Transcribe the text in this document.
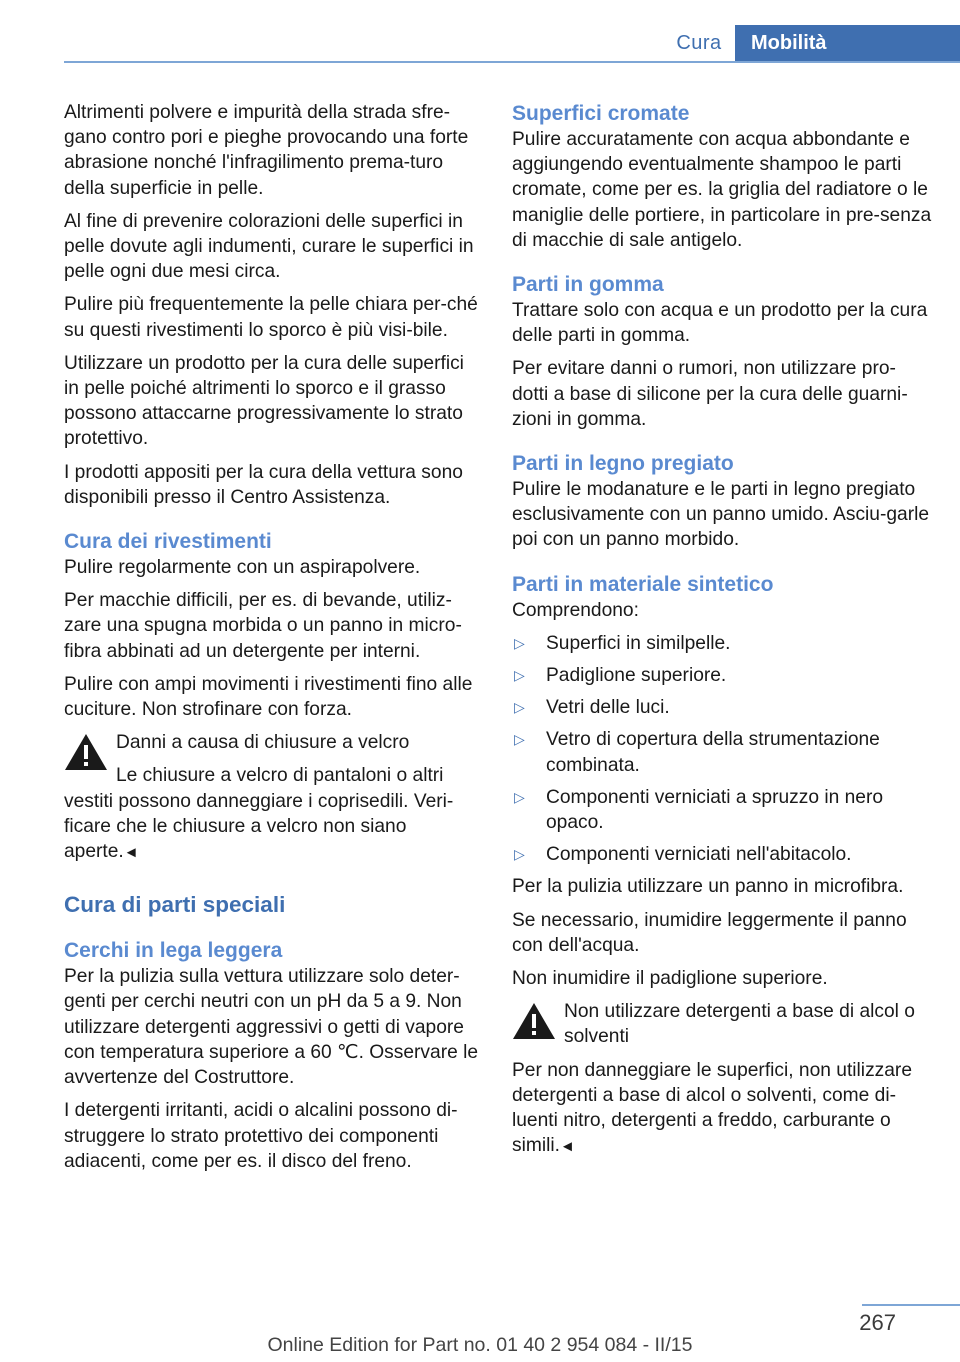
Cura	Mobilità

Altrimenti polvere e impurità della strada sfre-gano contro pori e pieghe provocando una forte abrasione nonché l'infragilimento prema-turo della superficie in pelle.

Al fine di prevenire colorazioni delle superfici in pelle dovute agli indumenti, curare le superfici in pelle ogni due mesi circa.

Pulire più frequentemente la pelle chiara per-ché su questi rivestimenti lo sporco è più visi-bile.

Utilizzare un prodotto per la cura delle superfici in pelle poiché altrimenti lo sporco e il grasso possono attaccarne progressivamente lo strato protettivo.

I prodotti appositi per la cura della vettura sono disponibili presso il Centro Assistenza.

Cura dei rivestimenti

Pulire regolarmente con un aspirapolvere.

Per macchie difficili, per es. di bevande, utiliz-zare una spugna morbida o un panno in micro-fibra abbinati ad un detergente per interni.

Pulire con ampi movimenti i rivestimenti fino alle cuciture. Non strofinare con forza.

Danni a causa di chiusure a velcro

Le chiusure a velcro di pantaloni o altri

vestiti possono danneggiare i coprisedili. Veri-ficare che le chiusure a velcro non siano aperte.◄

Cura di parti speciali
Cerchi in lega leggera

Per la pulizia sulla vettura utilizzare solo deter-genti per cerchi neutri con un pH da 5 a 9. Non utilizzare detergenti aggressivi o getti di vapore con temperatura superiore a 60 ℃. Osservare le avvertenze del Costruttore.

I detergenti irritanti, acidi o alcalini possono di-struggere lo strato protettivo dei componenti adiacenti, come per es. il disco del freno.

Superfici cromate

Pulire accuratamente con acqua abbondante e aggiungendo eventualmente shampoo le parti cromate, come per es. la griglia del radiatore o le maniglie delle portiere, in particolare in pre-senza di macchie di sale antigelo.

Parti in gomma

Trattare solo con acqua e un prodotto per la cura delle parti in gomma.

Per evitare danni o rumori, non utilizzare pro-dotti a base di silicone per la cura delle guarni-zioni in gomma.

Parti in legno pregiato

Pulire le modanature e le parti in legno pregiato esclusivamente con un panno umido. Asciu-garle poi con un panno morbido.

Parti in materiale sintetico

Comprendono:

▷ Superfici in similpelle.
▷ Padiglione superiore.
▷ Vetri delle luci.
▷ Vetro di copertura della strumentazione combinata.
▷ Componenti verniciati a spruzzo in nero opaco.
▷ Componenti verniciati nell'abitacolo.

Per la pulizia utilizzare un panno in microfibra.

Se necessario, inumidire leggermente il panno con dell'acqua.

Non inumidire il padiglione superiore.

Non utilizzare detergenti a base di alcol o solventi

Per non danneggiare le superfici, non utilizzare detergenti a base di alcol o solventi, come di-luenti nitro, detergenti a freddo, carburante o simili.◄

267
Online Edition for Part no. 01 40 2 954 084 - II/15
